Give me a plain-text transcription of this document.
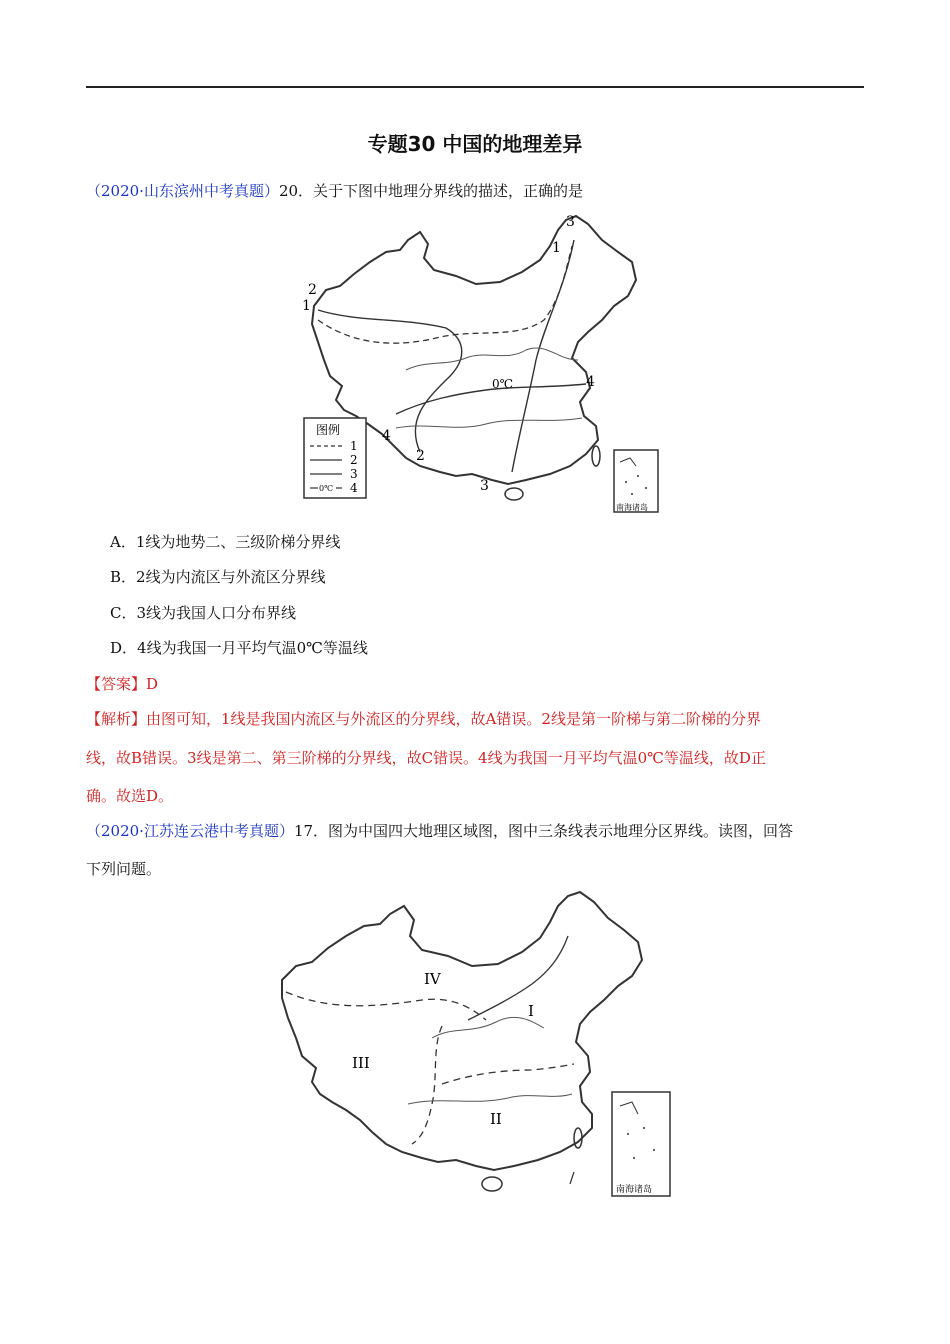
专题30 中国的地理差异
（2020·山东滨州中考真题）20．关于下图中地理分界线的描述，正确的是
1
2
3
4
1
2
3
4
0℃
图例
1
2
3
0℃ 4
南海诸岛
A．1线为地势二、三级阶梯分界线
B．2线为内流区与外流区分界线
C．3线为我国人口分布界线
D．4线为我国一月平均气温0℃等温线
【答案】D
【解析】由图可知，1线是我国内流区与外流区的分界线，故A错误。2线是第一阶梯与第二阶梯的分界
线，故B错误。3线是第二、第三阶梯的分界线，故C错误。4线为我国一月平均气温0℃等温线，故D正
确。故选D。
（2020·江苏连云港中考真题）17．图为中国四大地理区域图，图中三条线表示地理分区界线。读图，回答
下列问题。
I
II
III
IV
南海诸岛
